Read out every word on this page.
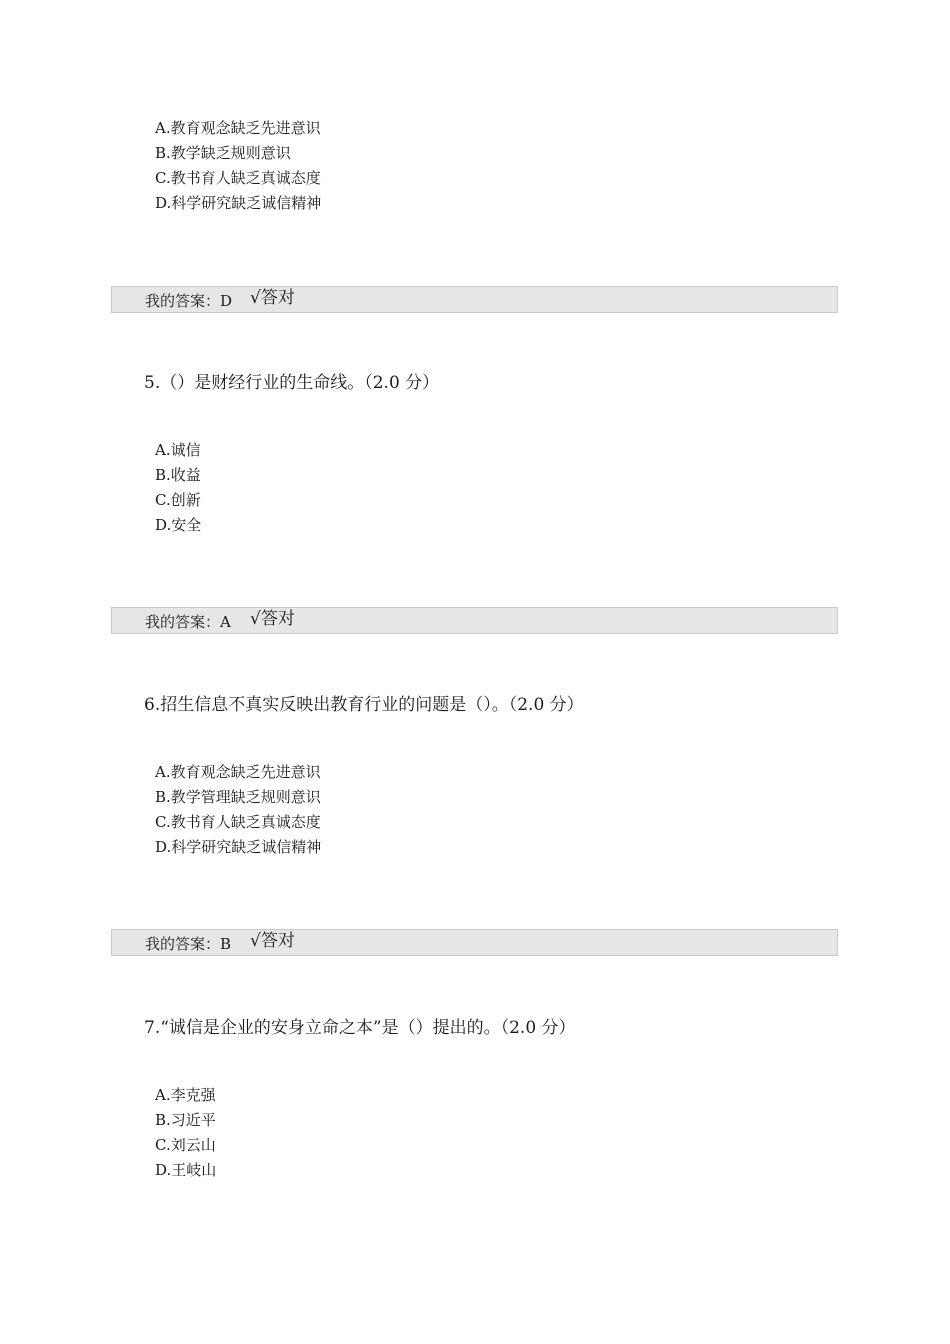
A.教育观念缺乏先进意识
B.教学缺乏规则意识
C.教书育人缺乏真诚态度
D.科学研究缺乏诚信精神
我的答案：D √答对
5.（）是财经行业的生命线。（2.0 分）
A.诚信
B.收益
C.创新
D.安全
我的答案：A √答对
6.招生信息不真实反映出教育行业的问题是（）。（2.0 分）
A.教育观念缺乏先进意识
B.教学管理缺乏规则意识
C.教书育人缺乏真诚态度
D.科学研究缺乏诚信精神
我的答案：B √答对
7.“诚信是企业的安身立命之本”是（）提出的。（2.0 分）
A.李克强
B.习近平
C.刘云山
D.王岐山
